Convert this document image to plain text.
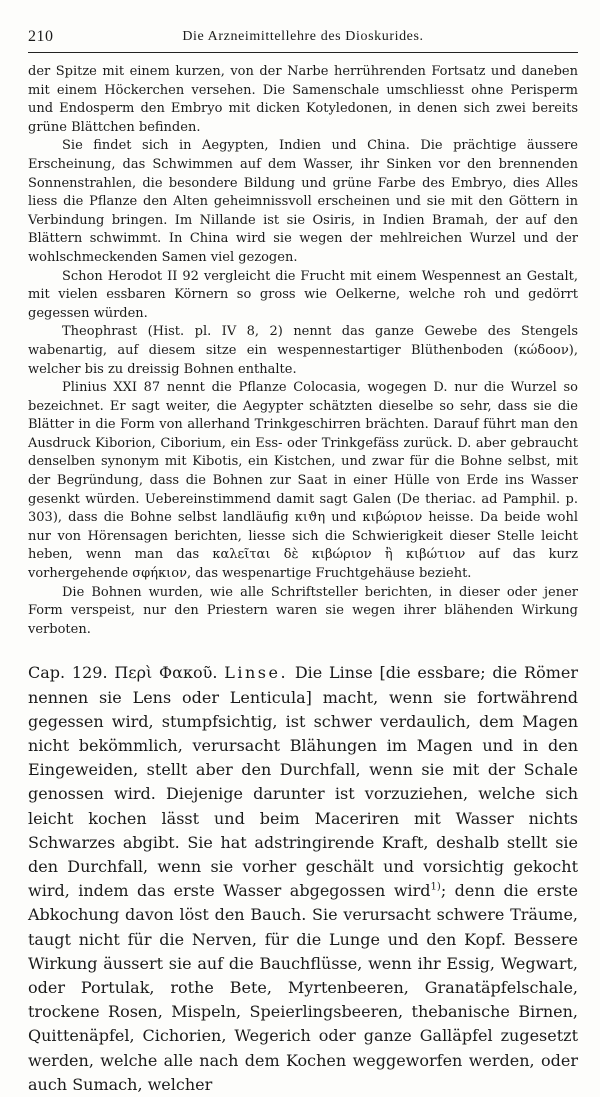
210	Die Arzneimittellehre des Dioskurides.

der Spitze mit einem kurzen, von der Narbe herrührenden Fortsatz und daneben mit einem Höckerchen versehen. Die Samenschale umschliesst ohne Perisperm und Endosperm den Embryo mit dicken Kotyledonen, in denen sich zwei bereits grüne Blättchen befinden.

Sie findet sich in Aegypten, Indien und China. Die prächtige äussere Erscheinung, das Schwimmen auf dem Wasser, ihr Sinken vor den brennenden Sonnenstrahlen, die besondere Bildung und grüne Farbe des Embryo, dies Alles liess die Pflanze den Alten geheimnissvoll erscheinen und sie mit den Göttern in Verbindung bringen. Im Nillande ist sie Osiris, in Indien Bramah, der auf den Blättern schwimmt. In China wird sie wegen der mehlreichen Wurzel und der wohlschmeckenden Samen viel gezogen.

Schon Herodot II 92 vergleicht die Frucht mit einem Wespennest an Gestalt, mit vielen essbaren Körnern so gross wie Oelkerne, welche roh und gedörrt gegessen würden.

Theophrast (Hist. pl. IV 8, 2) nennt das ganze Gewebe des Stengels wabenartig, auf diesem sitze ein wespennestartiger Blüthenboden (κώδοον), welcher bis zu dreissig Bohnen enthalte.

Plinius XXI 87 nennt die Pflanze Colocasia, wogegen D. nur die Wurzel so bezeichnet. Er sagt weiter, die Aegypter schätzten dieselbe so sehr, dass sie die Blätter in die Form von allerhand Trinkgeschirren brächten. Darauf führt man den Ausdruck Kiborion, Ciborium, ein Ess- oder Trinkgefäss zurück. D. aber gebraucht denselben synonym mit Kibotis, ein Kistchen, und zwar für die Bohne selbst, mit der Begründung, dass die Bohnen zur Saat in einer Hülle von Erde ins Wasser gesenkt würden. Uebereinstimmend damit sagt Galen (De theriac. ad Pamphil. p. 303), dass die Bohne selbst landläufig κιϑη und κιβώριον heisse. Da beide wohl nur von Hörensagen berichten, liesse sich die Schwierigkeit dieser Stelle leicht heben, wenn man das καλεῖται δὲ κιβώριον ἢ κιβώτιον auf das kurz vorhergehende σφήκιον, das wespenartige Fruchtgehäuse bezieht.

Die Bohnen wurden, wie alle Schriftsteller berichten, in dieser oder jener Form verspeist, nur den Priestern waren sie wegen ihrer blähenden Wirkung verboten.

Cap. 129. Περὶ Φακοῦ. Linse. Die Linse [die essbare; die Römer nennen sie Lens oder Lenticula] macht, wenn sie fortwährend gegessen wird, stumpfsichtig, ist schwer verdaulich, dem Magen nicht bekömmlich, verursacht Blähungen im Magen und in den Eingeweiden, stellt aber den Durchfall, wenn sie mit der Schale genossen wird. Diejenige darunter ist vorzuziehen, welche sich leicht kochen lässt und beim Maceriren mit Wasser nichts Schwarzes abgibt. Sie hat adstringirende Kraft, deshalb stellt sie den Durchfall, wenn sie vorher geschält und vorsichtig gekocht wird, indem das erste Wasser abgegossen wird$^{1)}$; denn die erste Abkochung davon löst den Bauch. Sie verursacht schwere Träume, taugt nicht für die Nerven, für die Lunge und den Kopf. Bessere Wirkung äussert sie auf die Bauchflüsse, wenn ihr Essig, Wegwart, oder Portulak, rothe Bete, Myrtenbeeren, Granatäpfelschale, trockene Rosen, Mispeln, Speierlingsbeeren, thebanische Birnen, Quittenäpfel, Cichorien, Wegerich oder ganze Galläpfel zugesetzt werden, welche alle nach dem Kochen weggeworfen werden, oder auch Sumach, welcher
